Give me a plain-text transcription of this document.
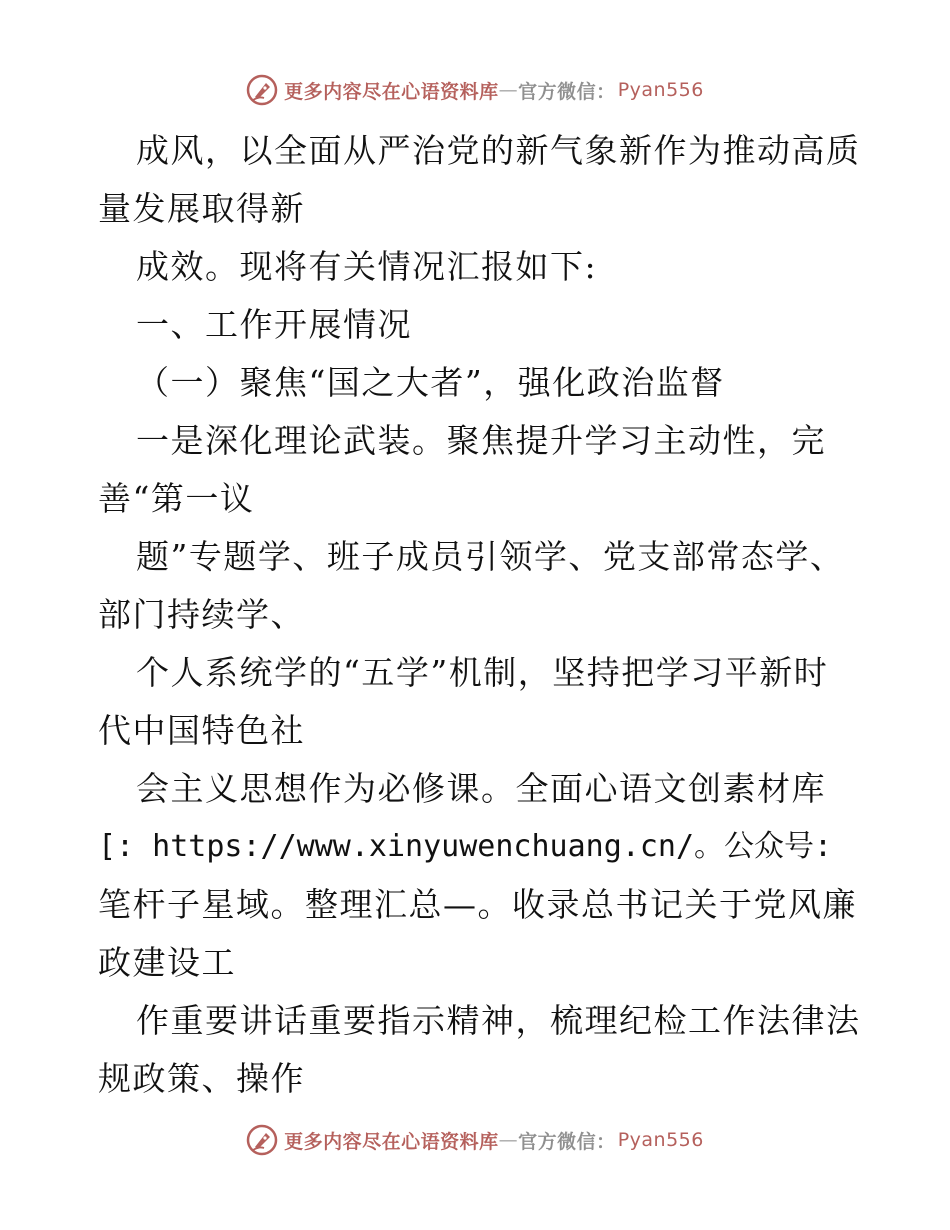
更多内容尽在心语资料库 — 官方微信： Pyan556
成风，以全面从严治党的新气象新作为推动高质
量发展取得新
成效。现将有关情况汇报如下:
一、工作开展情况
（一）聚焦“国之大者”，强化政治监督
一是深化理论武装。聚焦提升学习主动性，完
善“第一议
题”专题学、班子成员引领学、党支部常态学、
部门持续学、
个人系统学的“五学”机制，坚持把学习平新时
代中国特色社
会主义思想作为必修课。全面心语文创素材库
[: https://www.xinyuwenchuang.cn/。公众号:
笔杆子星域。整理汇总—。收录总书记关于党风廉
政建设工
作重要讲话重要指示精神，梳理纪检工作法律法
规政策、操作
更多内容尽在心语资料库 — 官方微信： Pyan556
